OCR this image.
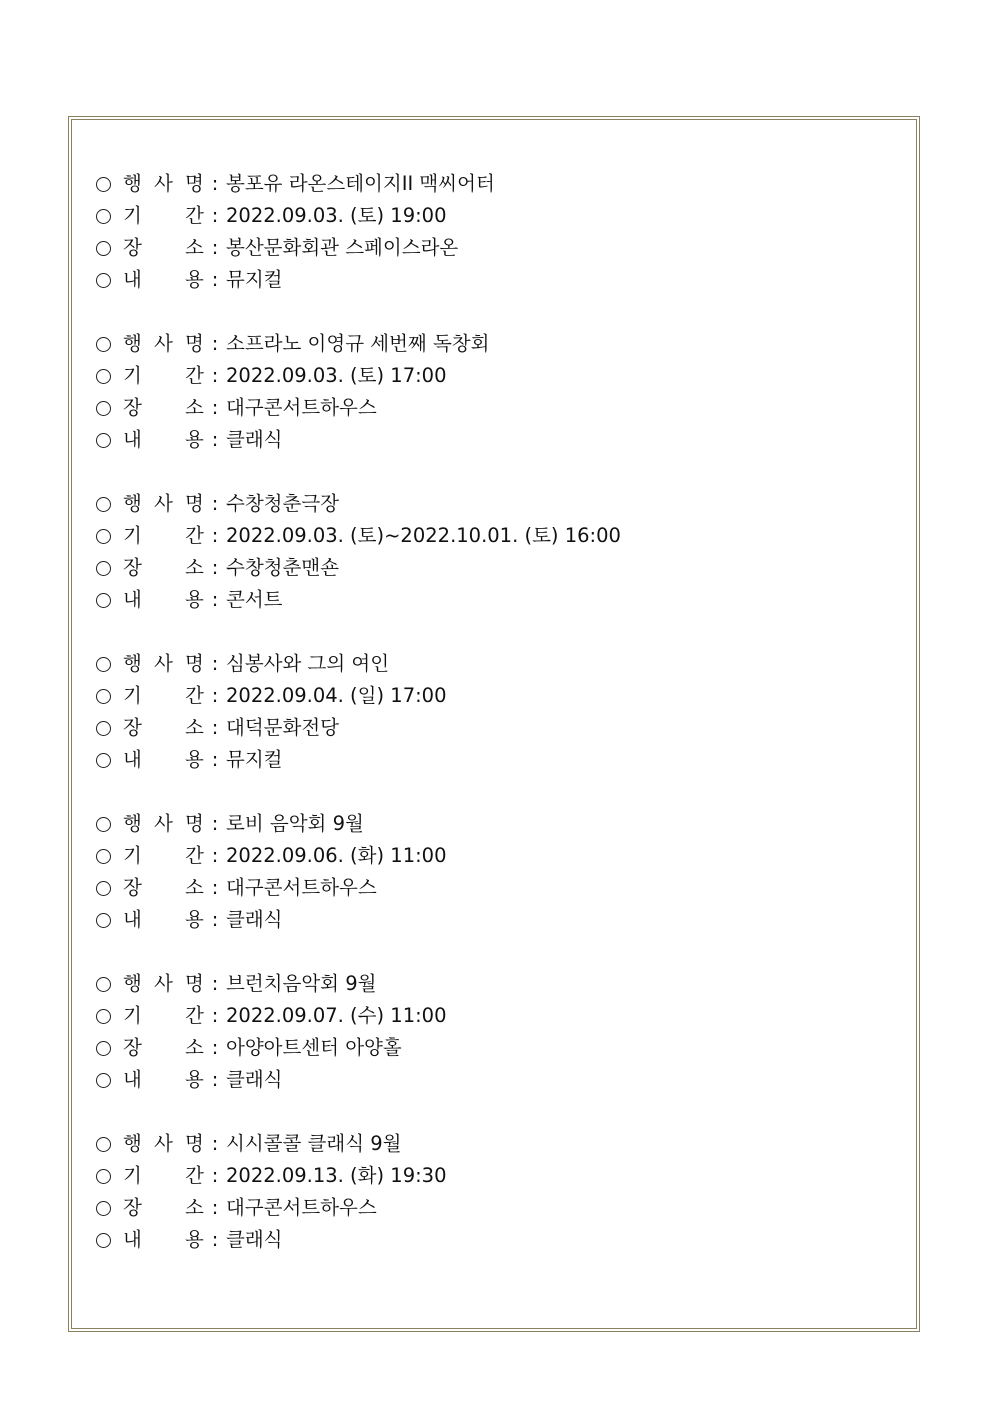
행 사 명 : 봉포유 라온스테이지II 맥씨어터
기 간 : 2022.09.03. (토) 19:00
장 소 : 봉산문화회관 스페이스라온
내 용 : 뮤지컬
행 사 명 : 소프라노 이영규 세번째 독창회
기 간 : 2022.09.03. (토) 17:00
장 소 : 대구콘서트하우스
내 용 : 클래식
행 사 명 : 수창청춘극장
기 간 : 2022.09.03. (토)~2022.10.01. (토) 16:00
장 소 : 수창청춘맨숀
내 용 : 콘서트
행 사 명 : 심봉사와 그의 여인
기 간 : 2022.09.04. (일) 17:00
장 소 : 대덕문화전당
내 용 : 뮤지컬
행 사 명 : 로비 음악회 9월
기 간 : 2022.09.06. (화) 11:00
장 소 : 대구콘서트하우스
내 용 : 클래식
행 사 명 : 브런치음악회 9월
기 간 : 2022.09.07. (수) 11:00
장 소 : 아양아트센터 아양홀
내 용 : 클래식
행 사 명 : 시시콜콜 클래식 9월
기 간 : 2022.09.13. (화) 19:30
장 소 : 대구콘서트하우스
내 용 : 클래식
